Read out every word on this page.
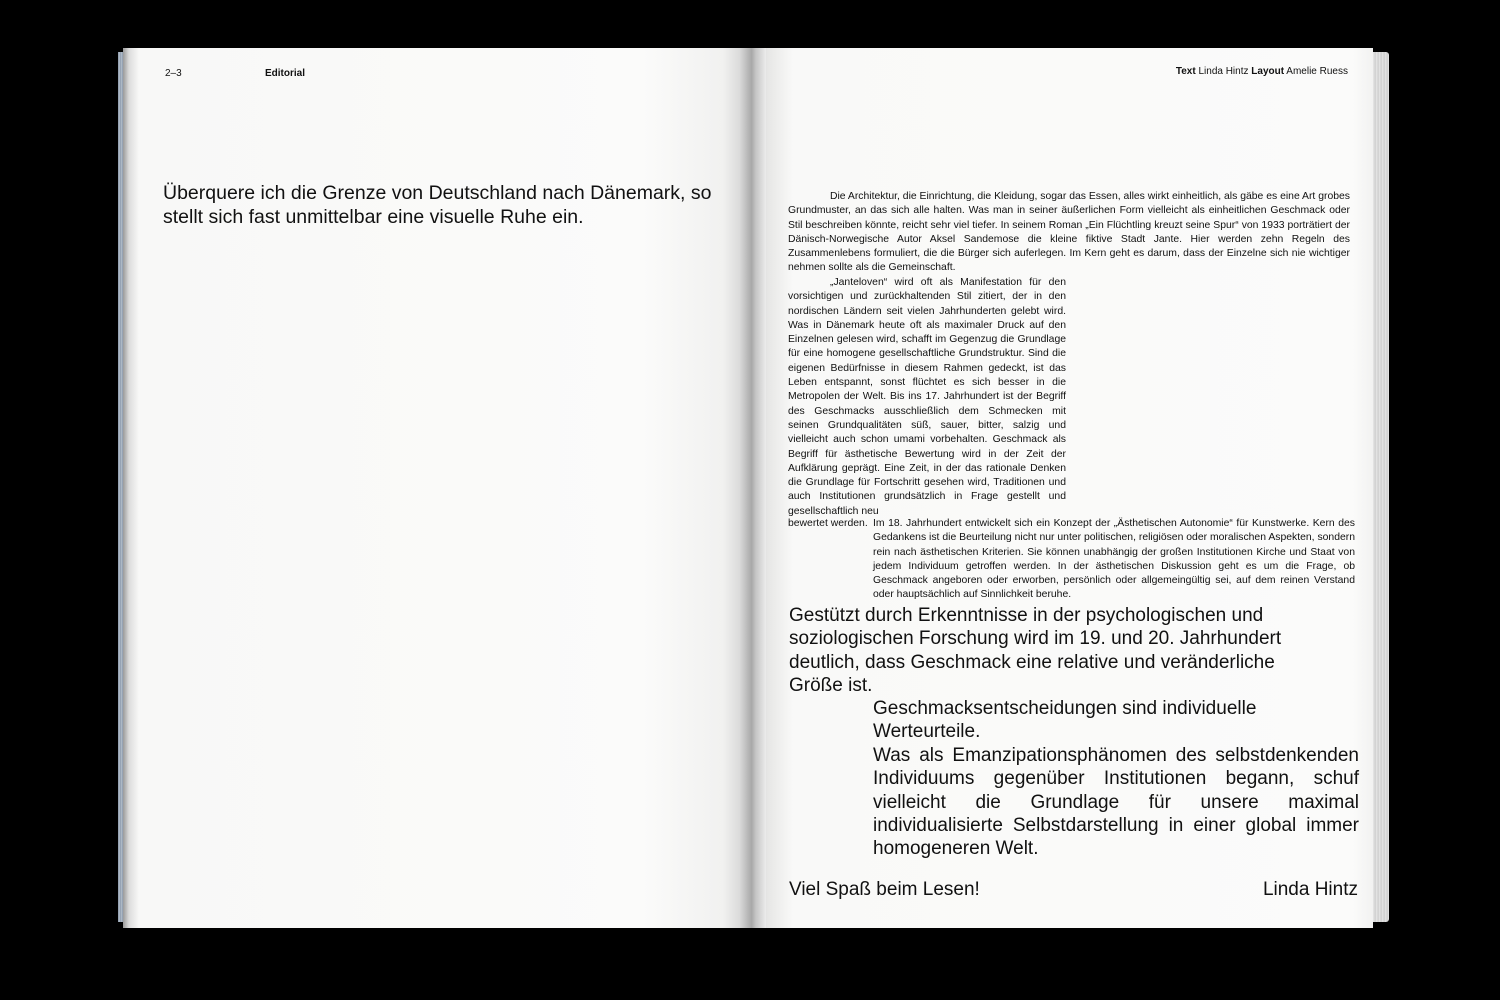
2–3	Editorial

Überquere ich die Grenze von Deutschland nach Dänemark, so stellt sich fast unmittelbar eine visuelle Ruhe ein.

Text Linda Hintz Layout Amelie Ruess

Die Architektur, die Einrichtung, die Kleidung, sogar das Essen, alles wirkt einheitlich, als gäbe es eine Art grobes Grundmuster, an das sich alle halten. Was man in seiner äußerlichen Form vielleicht als einheitlichen Geschmack oder Stil beschreiben könnte, reicht sehr viel tiefer. In seinem Roman „Ein Flüchtling kreuzt seine Spur“ von 1933 porträtiert der Dänisch-Norwegische Autor Aksel Sandemose die kleine fiktive Stadt Jante. Hier werden zehn Regeln des Zusammenlebens formuliert, die die Bürger sich auferlegen. Im Kern geht es darum, dass der Einzelne sich nie wichtiger nehmen sollte als die Gemeinschaft.

„Janteloven“ wird oft als Manifestation für den vorsichtigen und zurückhaltenden Stil zitiert, der in den nordischen Ländern seit vielen Jahrhunderten gelebt wird. Was in Dänemark heute oft als maximaler Druck auf den Einzelnen gelesen wird, schafft im Gegenzug die Grundlage für eine homogene gesellschaftliche Grundstruktur. Sind die eigenen Bedürfnisse in diesem Rahmen gedeckt, ist das Leben entspannt, sonst flüchtet es sich besser in die Metropolen der Welt. Bis ins 17. Jahrhundert ist der Begriff des Geschmacks ausschließlich dem Schmecken mit seinen Grundqualitäten süß, sauer, bitter, salzig und vielleicht auch schon umami vorbehalten. Geschmack als Begriff für ästhetische Bewertung wird in der Zeit der Aufklärung geprägt. Eine Zeit, in der das rationale Denken die Grundlage für Fortschritt gesehen wird, Traditionen und auch Institutionen grundsätzlich in Frage gestellt und gesellschaftlich neu

bewertet werden. Im 18. Jahrhundert entwickelt sich ein Konzept der „Ästhetischen Autonomie“ für Kunstwerke. Kern des Gedankens ist die Beurteilung nicht nur unter politischen, religiösen oder moralischen Aspekten, sondern rein nach ästhetischen Kriterien. Sie können unabhängig der großen Institutionen Kirche und Staat von jedem Individuum getroffen werden. In der ästhetischen Diskussion geht es um die Frage, ob Geschmack angeboren oder erworben, persönlich oder allgemeingültig sei, auf dem reinen Verstand oder hauptsächlich auf Sinnlichkeit beruhe.

Gestützt durch Erkenntnisse in der psychologischen und soziologischen Forschung wird im 19. und 20. Jahrhundert deutlich, dass Geschmack eine relative und veränderliche Größe ist.

Geschmacksentscheidungen sind individuelle Werteurteile.

Was als Emanzipationsphänomen des selbstdenkenden Individuums gegenüber Institutionen begann, schuf vielleicht die Grundlage für unsere maximal individualisierte Selbstdarstellung in einer global immer homogeneren Welt.

Viel Spaß beim Lesen!	Linda Hintz
